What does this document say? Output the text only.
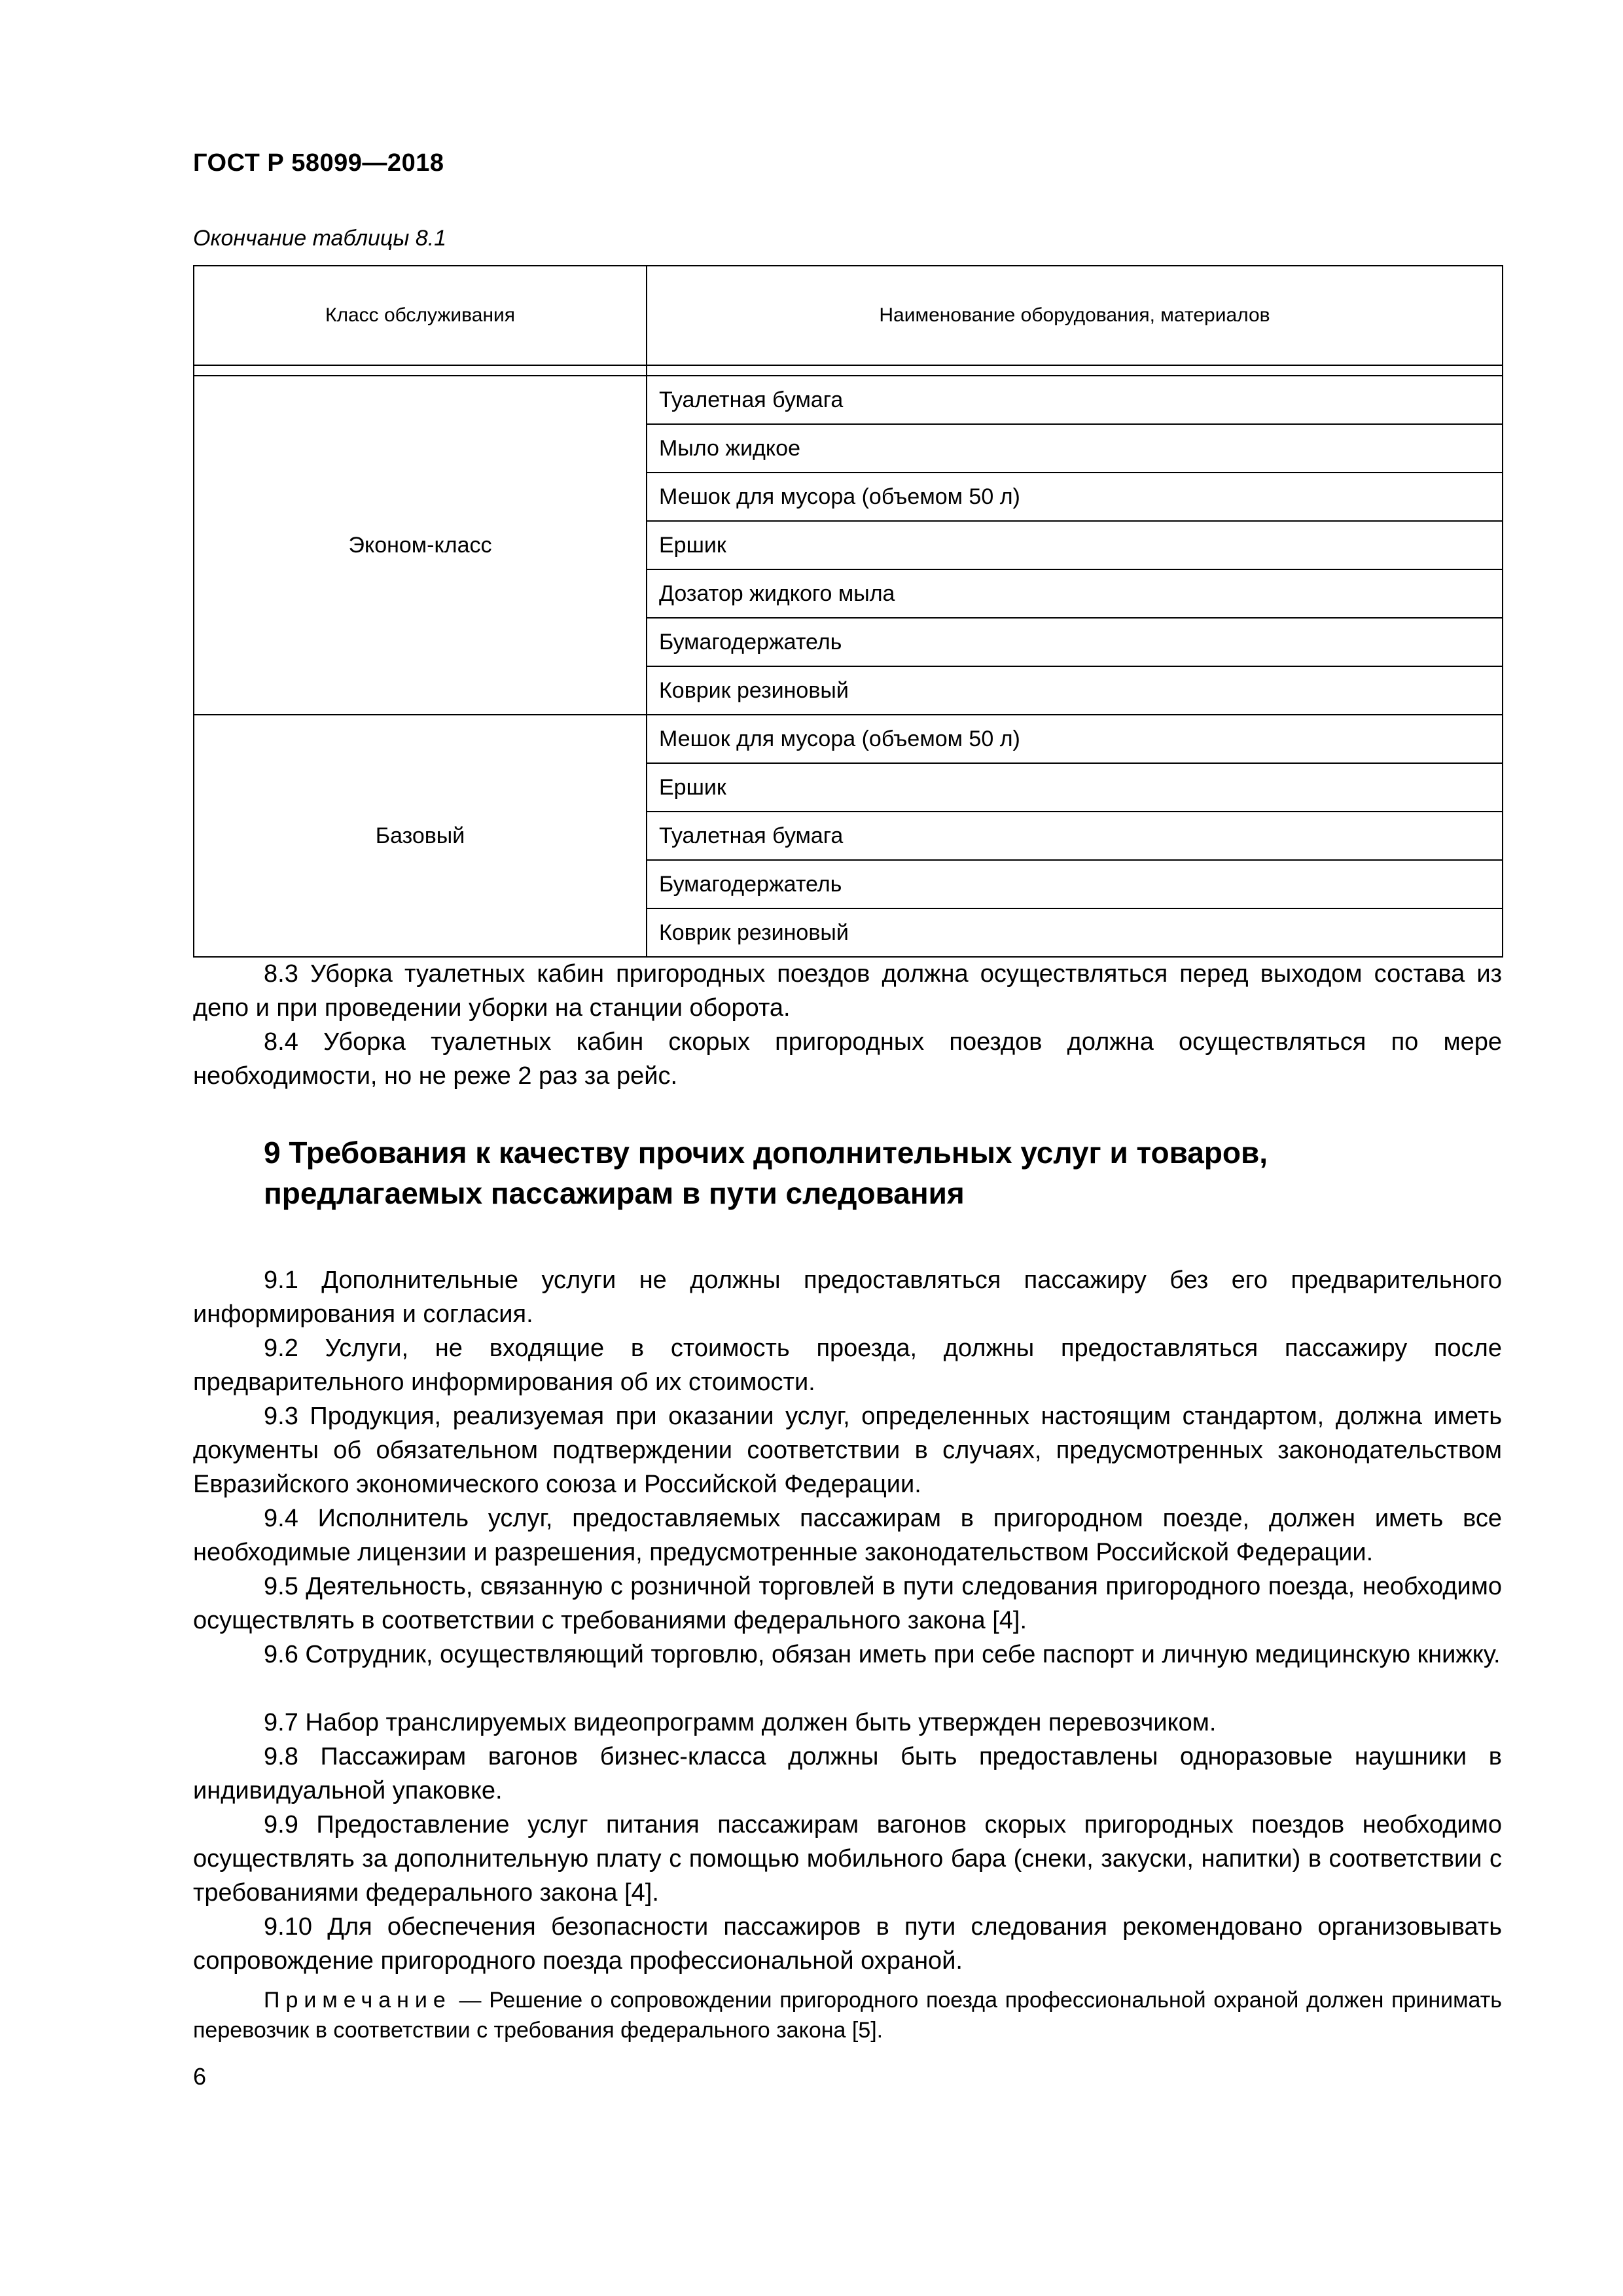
ГОСТ Р 58099—2018
Окончание таблицы 8.1
Класс обслуживания	Наименование оборудования, материалов

Эконом-класс	Туалетная бумага
	Мыло жидкое
	Мешок для мусора (объемом 50 л)
	Ершик
	Дозатор жидкого мыла
	Бумагодержатель
	Коврик резиновый
Базовый	Мешок для мусора (объемом 50 л)
	Ершик
	Туалетная бумага
	Бумагодержатель
	Коврик резиновый
8.3 Уборка туалетных кабин пригородных поездов должна осуществляться перед выходом состава из депо и при проведении уборки на станции оборота.
8.4 Уборка туалетных кабин скорых пригородных поездов должна осуществляться по мере необходимости, но не реже 2 раз за рейс.
9 Требования к качеству прочих дополнительных услуг и товаров,
предлагаемых пассажирам в пути следования
9.1 Дополнительные услуги не должны предоставляться пассажиру без его предварительного информирования и согласия.
9.2 Услуги, не входящие в стоимость проезда, должны предоставляться пассажиру после предварительного информирования об их стоимости.
9.3 Продукция, реализуемая при оказании услуг, определенных настоящим стандартом, должна иметь документы об обязательном подтверждении соответствии в случаях, предусмотренных законодательством Евразийского экономического союза и Российской Федерации.
9.4 Исполнитель услуг, предоставляемых пассажирам в пригородном поезде, должен иметь все необходимые лицензии и разрешения, предусмотренные законодательством Российской Федерации.
9.5 Деятельность, связанную с розничной торговлей в пути следования пригородного поезда, необходимо осуществлять в соответствии с требованиями федерального закона [4].
9.6 Сотрудник, осуществляющий торговлю, обязан иметь при себе паспорт и личную медицинскую книжку.
9.7 Набор транслируемых видеопрограмм должен быть утвержден перевозчиком.
9.8 Пассажирам вагонов бизнес-класса должны быть предоставлены одноразовые наушники в индивидуальной упаковке.
9.9 Предоставление услуг питания пассажирам вагонов скорых пригородных поездов необходимо осуществлять за дополнительную плату с помощью мобильного бара (снеки, закуски, напитки) в соответствии с требованиями федерального закона [4].
9.10 Для обеспечения безопасности пассажиров в пути следования рекомендовано организовывать сопровождение пригородного поезда профессиональной охраной.
Примечание — Решение о сопровождении пригородного поезда профессиональной охраной должен принимать перевозчик в соответствии с требования федерального закона [5].
6
